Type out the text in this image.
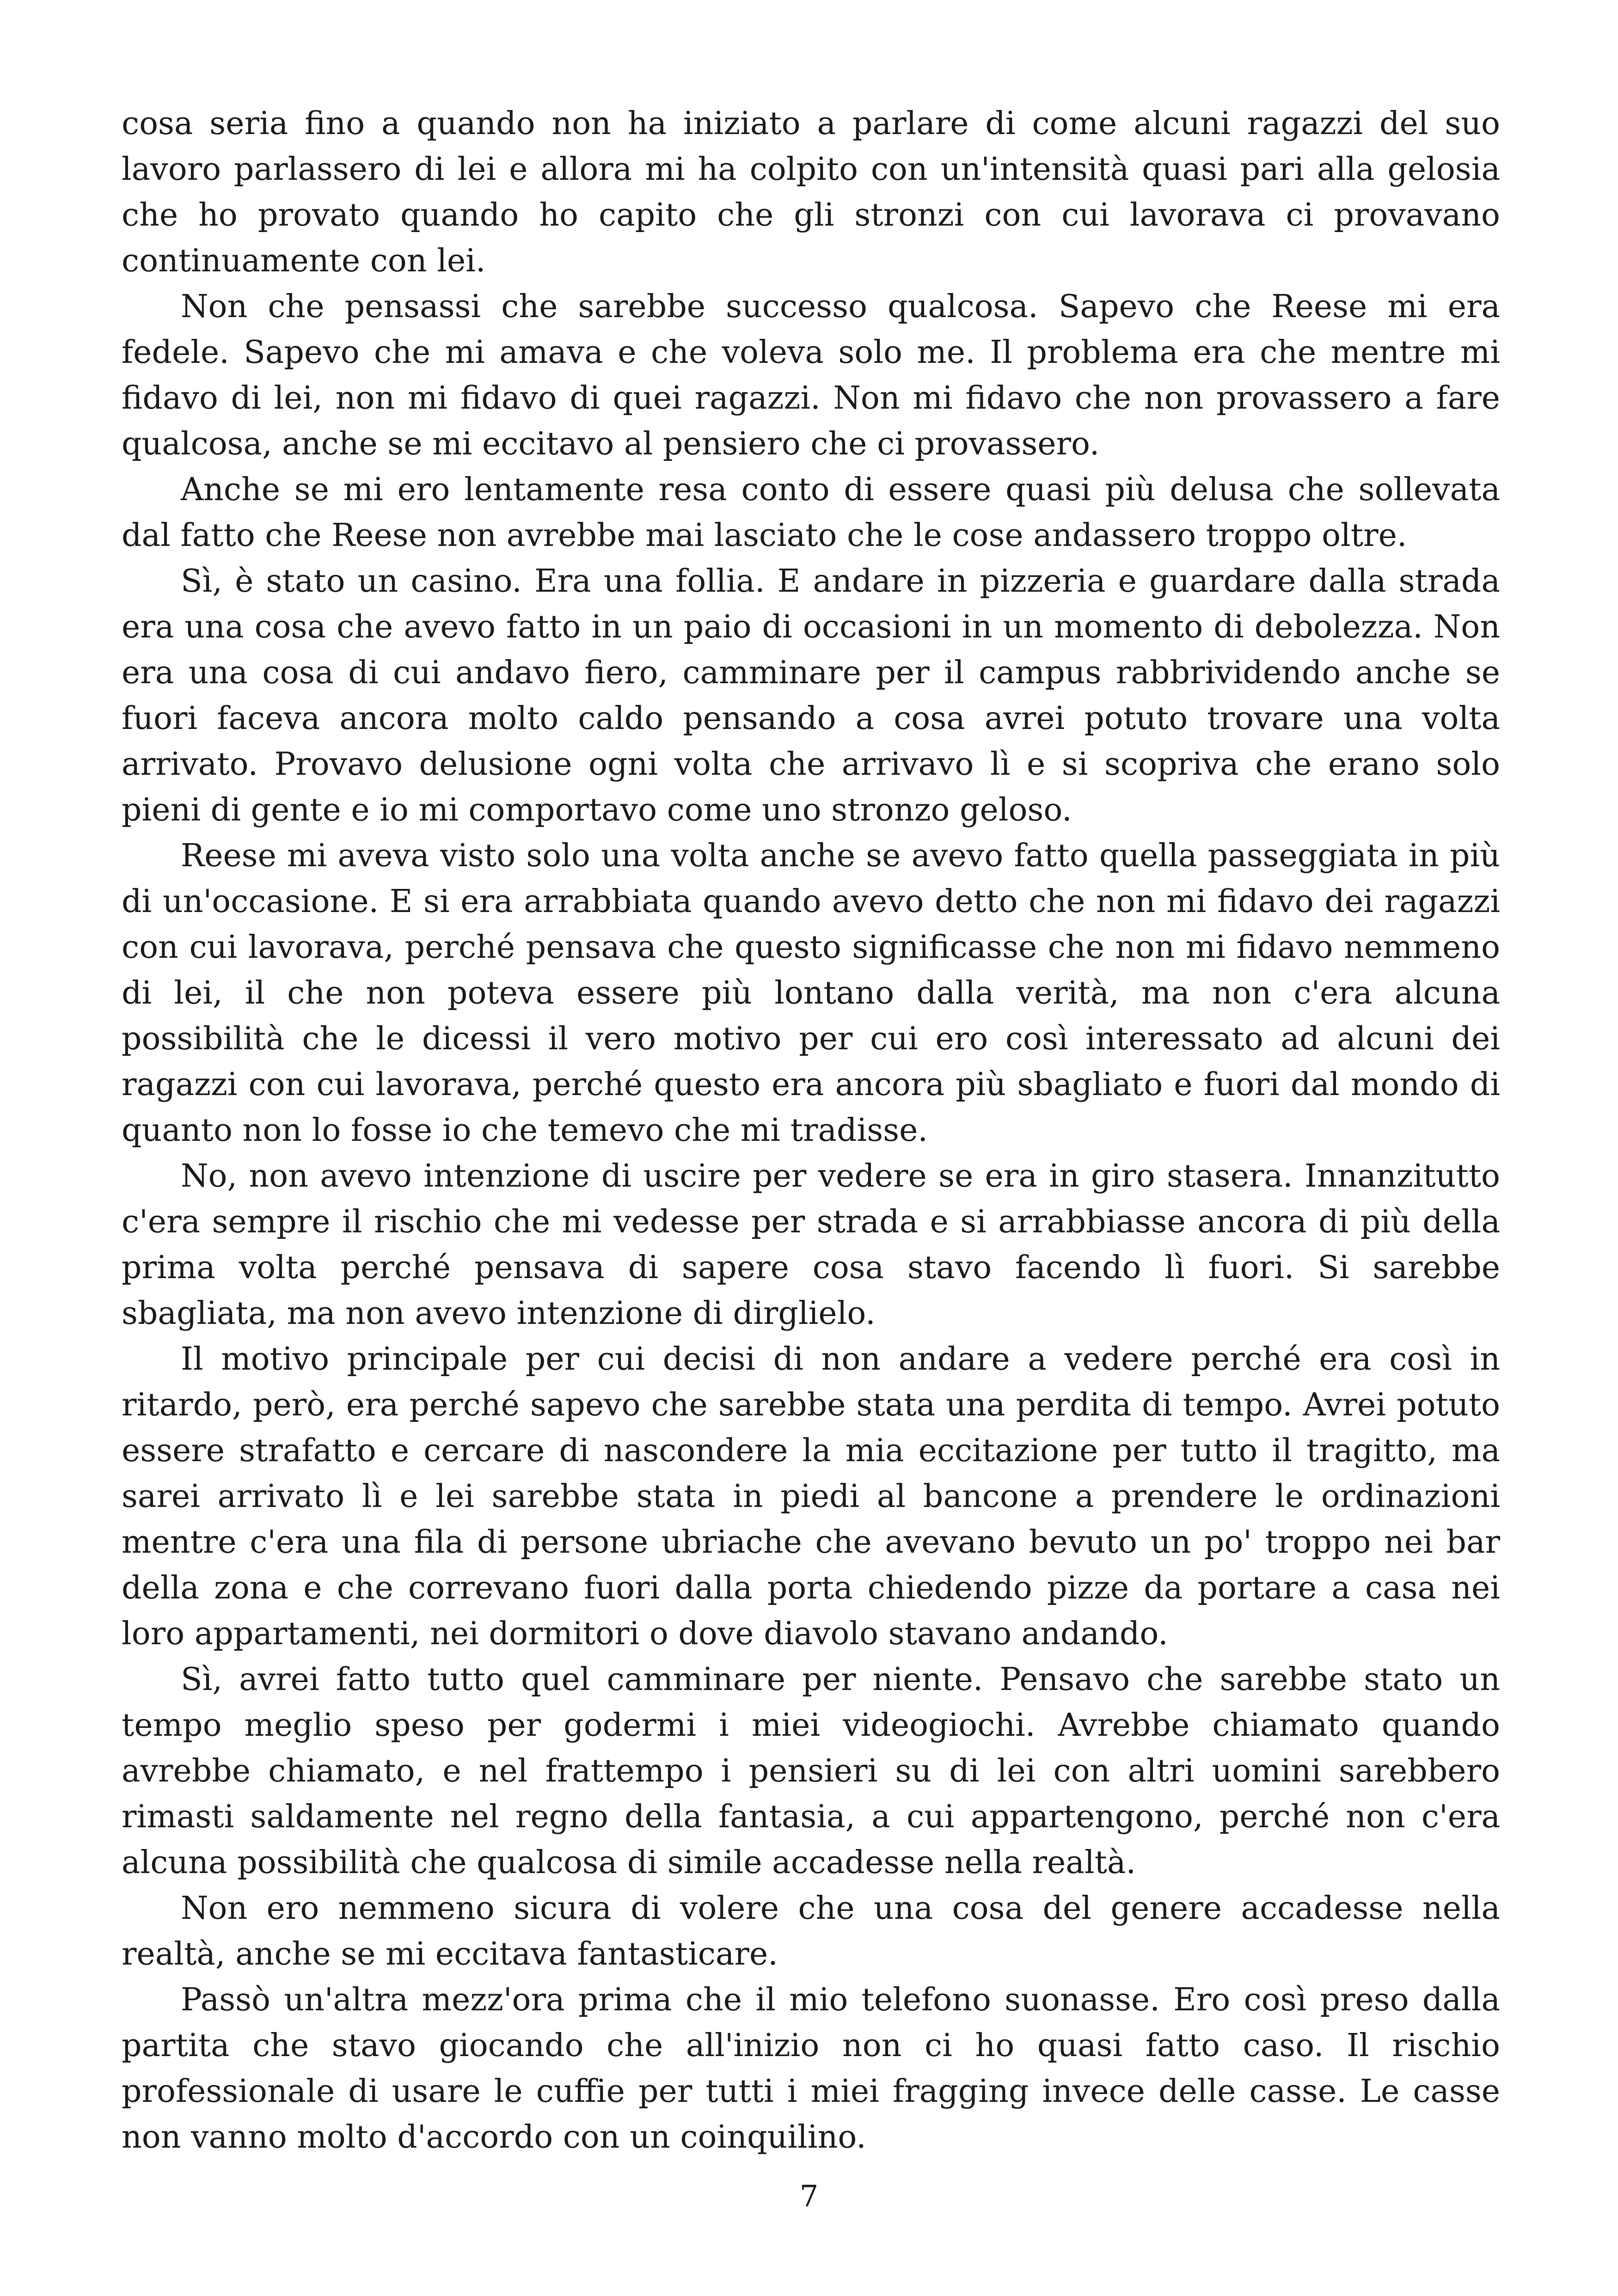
cosa seria fino a quando non ha iniziato a parlare di come alcuni ragazzi del suo lavoro parlassero di lei e allora mi ha colpito con un'intensità quasi pari alla gelosia che ho provato quando ho capito che gli stronzi con cui lavorava ci provavano continuamente con lei.

Non che pensassi che sarebbe successo qualcosa. Sapevo che Reese mi era fedele. Sapevo che mi amava e che voleva solo me. Il problema era che mentre mi fidavo di lei, non mi fidavo di quei ragazzi. Non mi fidavo che non provassero a fare qualcosa, anche se mi eccitavo al pensiero che ci provassero.

Anche se mi ero lentamente resa conto di essere quasi più delusa che sollevata dal fatto che Reese non avrebbe mai lasciato che le cose andassero troppo oltre.

Sì, è stato un casino. Era una follia. E andare in pizzeria e guardare dalla strada era una cosa che avevo fatto in un paio di occasioni in un momento di debolezza. Non era una cosa di cui andavo fiero, camminare per il campus rabbrividendo anche se fuori faceva ancora molto caldo pensando a cosa avrei potuto trovare una volta arrivato. Provavo delusione ogni volta che arrivavo lì e si scopriva che erano solo pieni di gente e io mi comportavo come uno stronzo geloso.

Reese mi aveva visto solo una volta anche se avevo fatto quella passeggiata in più di un'occasione. E si era arrabbiata quando avevo detto che non mi fidavo dei ragazzi con cui lavorava, perché pensava che questo significasse che non mi fidavo nemmeno di lei, il che non poteva essere più lontano dalla verità, ma non c'era alcuna possibilità che le dicessi il vero motivo per cui ero così interessato ad alcuni dei ragazzi con cui lavorava, perché questo era ancora più sbagliato e fuori dal mondo di quanto non lo fosse io che temevo che mi tradisse.

No, non avevo intenzione di uscire per vedere se era in giro stasera. Innanzitutto c'era sempre il rischio che mi vedesse per strada e si arrabbiasse ancora di più della prima volta perché pensava di sapere cosa stavo facendo lì fuori. Si sarebbe sbagliata, ma non avevo intenzione di dirglielo.

Il motivo principale per cui decisi di non andare a vedere perché era così in ritardo, però, era perché sapevo che sarebbe stata una perdita di tempo. Avrei potuto essere strafatto e cercare di nascondere la mia eccitazione per tutto il tragitto, ma sarei arrivato lì e lei sarebbe stata in piedi al bancone a prendere le ordinazioni mentre c'era una fila di persone ubriache che avevano bevuto un po' troppo nei bar della zona e che correvano fuori dalla porta chiedendo pizze da portare a casa nei loro appartamenti, nei dormitori o dove diavolo stavano andando.

Sì, avrei fatto tutto quel camminare per niente. Pensavo che sarebbe stato un tempo meglio speso per godermi i miei videogiochi. Avrebbe chiamato quando avrebbe chiamato, e nel frattempo i pensieri su di lei con altri uomini sarebbero rimasti saldamente nel regno della fantasia, a cui appartengono, perché non c'era alcuna possibilità che qualcosa di simile accadesse nella realtà.

Non ero nemmeno sicura di volere che una cosa del genere accadesse nella realtà, anche se mi eccitava fantasticare.

Passò un'altra mezz'ora prima che il mio telefono suonasse. Ero così preso dalla partita che stavo giocando che all'inizio non ci ho quasi fatto caso. Il rischio professionale di usare le cuffie per tutti i miei fragging invece delle casse. Le casse non vanno molto d'accordo con un coinquilino.

7
